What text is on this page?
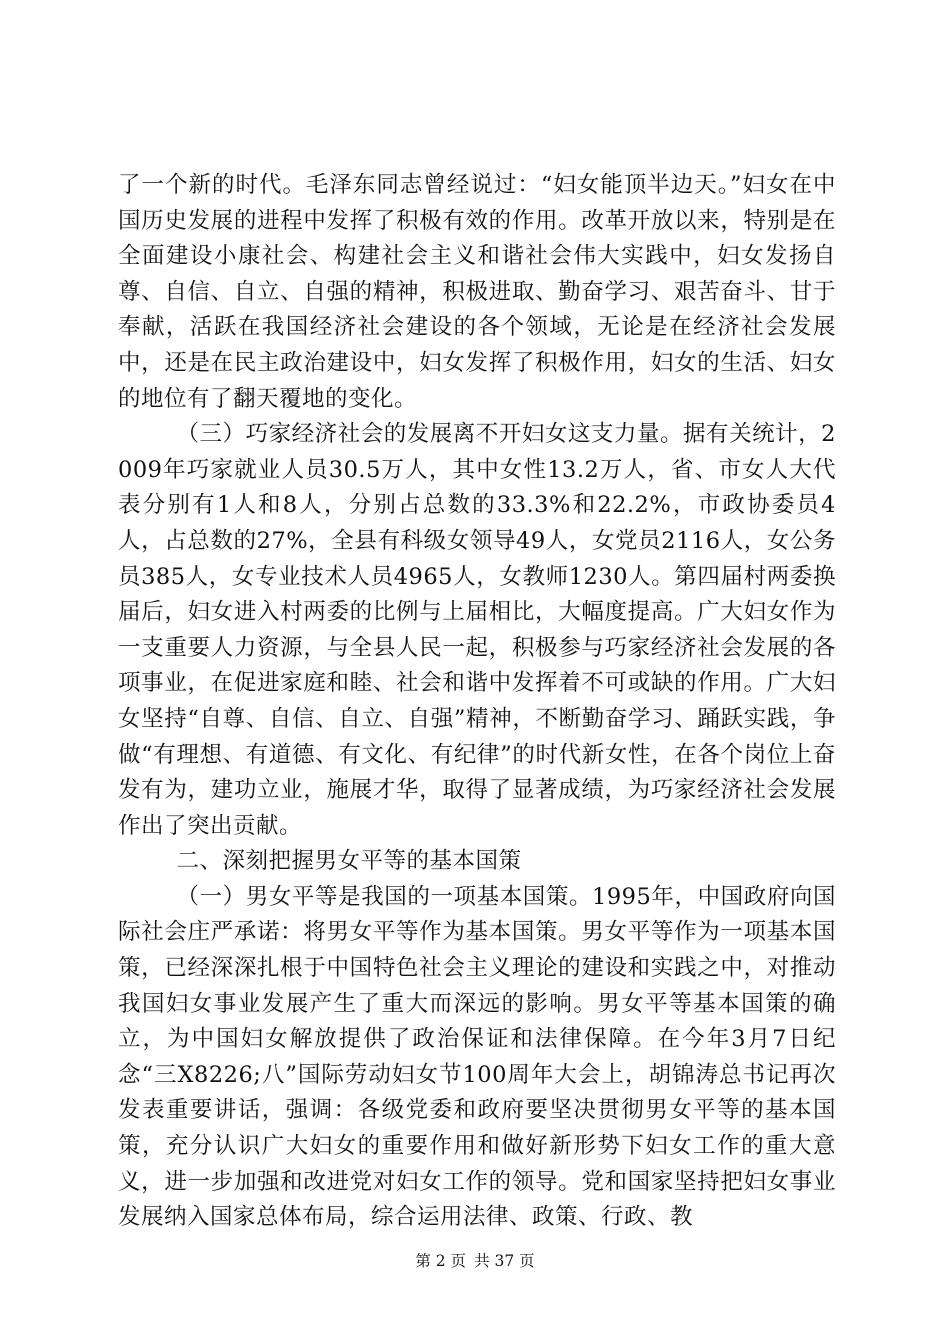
了一个新的时代。毛泽东同志曾经说过：“妇女能顶半边天。”妇女在中国历史发展的进程中发挥了积极有效的作用。改革开放以来，特别是在全面建设小康社会、构建社会主义和谐社会伟大实践中，妇女发扬自尊、自信、自立、自强的精神，积极进取、勤奋学习、艰苦奋斗、甘于奉献，活跃在我国经济社会建设的各个领域，无论是在经济社会发展中，还是在民主政治建设中，妇女发挥了积极作用，妇女的生活、妇女的地位有了翻天覆地的变化。

（三）巧家经济社会的发展离不开妇女这支力量。据有关统计，2009年巧家就业人员30.5万人，其中女性13.2万人，省、市女人大代表分别有1人和8人，分别占总数的33.3%和22.2%，市政协委员4人，占总数的27%，全县有科级女领导49人，女党员2116人，女公务员385人，女专业技术人员4965人，女教师1230人。第四届村两委换届后，妇女进入村两委的比例与上届相比，大幅度提高。广大妇女作为一支重要人力资源，与全县人民一起，积极参与巧家经济社会发展的各项事业，在促进家庭和睦、社会和谐中发挥着不可或缺的作用。广大妇女坚持“自尊、自信、自立、自强”精神，不断勤奋学习、踊跃实践，争做“有理想、有道德、有文化、有纪律”的时代新女性，在各个岗位上奋发有为，建功立业，施展才华，取得了显著成绩，为巧家经济社会发展作出了突出贡献。

二、深刻把握男女平等的基本国策

（一）男女平等是我国的一项基本国策。1995年，中国政府向国际社会庄严承诺：将男女平等作为基本国策。男女平等作为一项基本国策，已经深深扎根于中国特色社会主义理论的建设和实践之中，对推动我国妇女事业发展产生了重大而深远的影响。男女平等基本国策的确立，为中国妇女解放提供了政治保证和法律保障。在今年3月7日纪念“三X8226;八”国际劳动妇女节100周年大会上，胡锦涛总书记再次发表重要讲话，强调：各级党委和政府要坚决贯彻男女平等的基本国策，充分认识广大妇女的重要作用和做好新形势下妇女工作的重大意义，进一步加强和改进党对妇女工作的领导。党和国家坚持把妇女事业发展纳入国家总体布局，综合运用法律、政策、行政、教

第 2 页 共 37 页
